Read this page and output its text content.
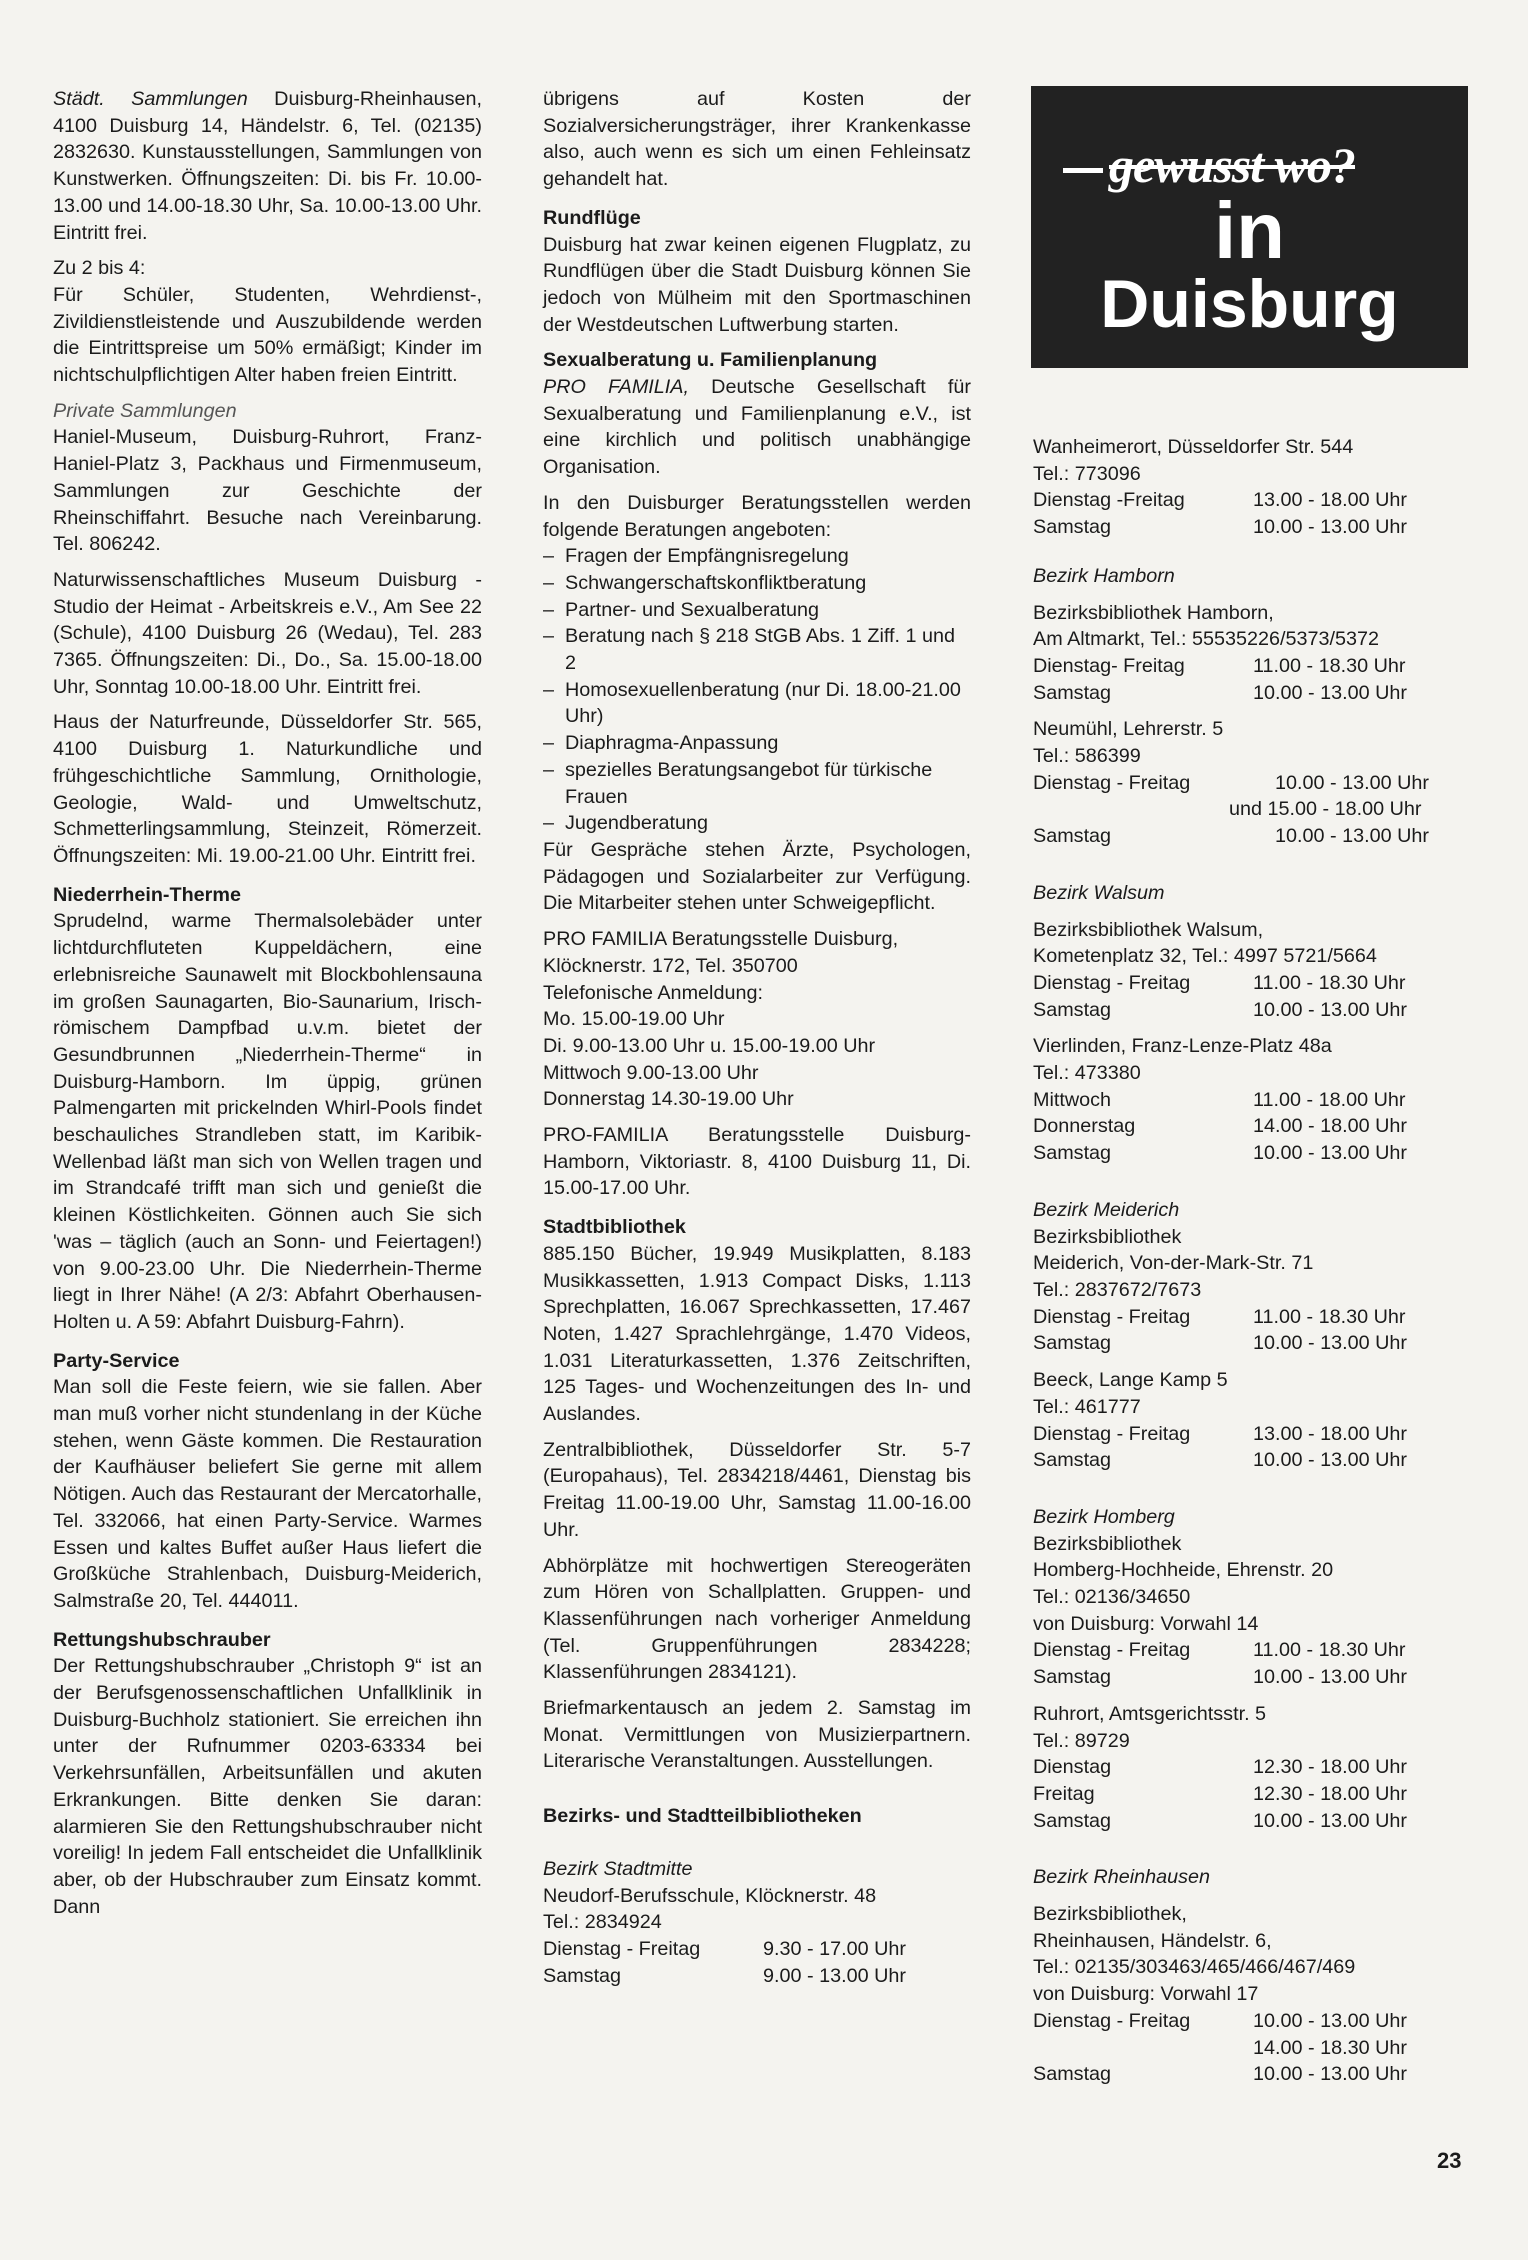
Städt. Sammlungen Duisburg-Rheinhausen, 4100 Duisburg 14, Händelstr. 6, Tel. (02135) 2832630. Kunstausstellungen, Sammlungen von Kunstwerken. Öffnungszeiten: Di. bis Fr. 10.00-13.00 und 14.00-18.30 Uhr, Sa. 10.00-13.00 Uhr. Eintritt frei.

Zu 2 bis 4:
Für Schüler, Studenten, Wehrdienst-, Zivildienstleistende und Auszubildende werden die Eintrittspreise um 50% ermäßigt; Kinder im nichtschulpflichtigen Alter haben freien Eintritt.

Private Sammlungen
Haniel-Museum, Duisburg-Ruhrort, Franz-Haniel-Platz 3, Packhaus und Firmenmuseum, Sammlungen zur Geschichte der Rheinschiffahrt. Besuche nach Vereinbarung. Tel. 806242.

Naturwissenschaftliches Museum Duisburg - Studio der Heimat - Arbeitskreis e.V., Am See 22 (Schule), 4100 Duisburg 26 (Wedau), Tel. 283 7365. Öffnungszeiten: Di., Do., Sa. 15.00-18.00 Uhr, Sonntag 10.00-18.00 Uhr. Eintritt frei.

Haus der Naturfreunde, Düsseldorfer Str. 565, 4100 Duisburg 1. Naturkundliche und frühgeschichtliche Sammlung, Ornithologie, Geologie, Wald- und Umweltschutz, Schmetterlingsammlung, Steinzeit, Römerzeit. Öffnungszeiten: Mi. 19.00-21.00 Uhr. Eintritt frei.

Niederrhein-Therme

Sprudelnd, warme Thermalsolebäder unter lichtdurchfluteten Kuppeldächern, eine erlebnisreiche Saunawelt mit Blockbohlensauna im großen Saunagarten, Bio-Saunarium, Irisch-römischem Dampfbad u.v.m. bietet der Gesundbrunnen „Niederrhein-Therme“ in Duisburg-Hamborn. Im üppig, grünen Palmengarten mit prickelnden Whirl-Pools findet beschauliches Strandleben statt, im Karibik-Wellenbad läßt man sich von Wellen tragen und im Strandcafé trifft man sich und genießt die kleinen Köstlichkeiten. Gönnen auch Sie sich 'was – täglich (auch an Sonn- und Feiertagen!) von 9.00-23.00 Uhr. Die Niederrhein-Therme liegt in Ihrer Nähe! (A 2/3: Abfahrt Oberhausen-Holten u. A 59: Abfahrt Duisburg-Fahrn).

Party-Service

Man soll die Feste feiern, wie sie fallen. Aber man muß vorher nicht stundenlang in der Küche stehen, wenn Gäste kommen. Die Restauration der Kaufhäuser beliefert Sie gerne mit allem Nötigen. Auch das Restaurant der Mercatorhalle, Tel. 332066, hat einen Party-Service. Warmes Essen und kaltes Buffet außer Haus liefert die Großküche Strahlenbach, Duisburg-Meiderich, Salmstraße 20, Tel. 444011.

Rettungshubschrauber

Der Rettungshubschrauber „Christoph 9“ ist an der Berufsgenossenschaftlichen Unfallklinik in Duisburg-Buchholz stationiert. Sie erreichen ihn unter der Rufnummer 0203-63334 bei Verkehrsunfällen, Arbeitsunfällen und akuten Erkrankungen. Bitte denken Sie daran: alarmieren Sie den Rettungshubschrauber nicht voreilig! In jedem Fall entscheidet die Unfallklinik aber, ob der Hubschrauber zum Einsatz kommt. Dann

übrigens auf Kosten der Sozialversicherungsträger, ihrer Krankenkasse also, auch wenn es sich um einen Fehleinsatz gehandelt hat.

Rundflüge

Duisburg hat zwar keinen eigenen Flugplatz, zu Rundflügen über die Stadt Duisburg können Sie jedoch von Mülheim mit den Sportmaschinen der Westdeutschen Luftwerbung starten.

Sexualberatung u. Familienplanung

PRO FAMILIA, Deutsche Gesellschaft für Sexualberatung und Familienplanung e.V., ist eine kirchlich und politisch unabhängige Organisation.

In den Duisburger Beratungsstellen werden folgende Beratungen angeboten:

– Fragen der Empfängnisregelung
– Schwangerschaftskonfliktberatung
– Partner- und Sexualberatung
– Beratung nach § 218 StGB Abs. 1 Ziff. 1 und 2
– Homosexuellenberatung (nur Di. 18.00-21.00 Uhr)
– Diaphragma-Anpassung
– spezielles Beratungsangebot für türkische Frauen
– Jugendberatung

Für Gespräche stehen Ärzte, Psychologen, Pädagogen und Sozialarbeiter zur Verfügung. Die Mitarbeiter stehen unter Schweigepflicht.

PRO FAMILIA Beratungsstelle Duisburg,
Klöcknerstr. 172, Tel. 350700
Telefonische Anmeldung:
Mo. 15.00-19.00 Uhr
Di. 9.00-13.00 Uhr u. 15.00-19.00 Uhr
Mittwoch 9.00-13.00 Uhr
Donnerstag 14.30-19.00 Uhr

PRO-FAMILIA Beratungsstelle Duisburg-Hamborn, Viktoriastr. 8, 4100 Duisburg 11, Di. 15.00-17.00 Uhr.

Stadtbibliothek

885.150 Bücher, 19.949 Musikplatten, 8.183 Musikkassetten, 1.913 Compact Disks, 1.113 Sprechplatten, 16.067 Sprechkassetten, 17.467 Noten, 1.427 Sprachlehrgänge, 1.470 Videos, 1.031 Literaturkassetten, 1.376 Zeitschriften, 125 Tages- und Wochenzeitungen des In- und Auslandes.

Zentralbibliothek, Düsseldorfer Str. 5-7 (Europahaus), Tel. 2834218/4461, Dienstag bis Freitag 11.00-19.00 Uhr, Samstag 11.00-16.00 Uhr.

Abhörplätze mit hochwertigen Stereogeräten zum Hören von Schallplatten. Gruppen- und Klassenführungen nach vorheriger Anmeldung (Tel. Gruppenführungen 2834228; Klassenführungen 2834121).

Briefmarkentausch an jedem 2. Samstag im Monat. Vermittlungen von Musizierpartnern. Literarische Veranstaltungen. Ausstellungen.

Bezirks- und Stadtteilbibliotheken
Bezirk Stadtmitte
Neudorf-Berufsschule, Klöcknerstr. 48
Tel.: 2834924
Dienstag - Freitag	9.30 - 17.00 Uhr
Samstag	9.00 - 13.00 Uhr
gewusst wo?
in
Duisburg
Wanheimerort, Düsseldorfer Str. 544
Tel.: 773096
Dienstag -Freitag	13.00 - 18.00 Uhr
Samstag	10.00 - 13.00 Uhr
Bezirk Hamborn
Bezirksbibliothek Hamborn,
Am Altmarkt, Tel.: 55535226/5373/5372
Dienstag- Freitag	11.00 - 18.30 Uhr
Samstag	10.00 - 13.00 Uhr
Neumühl, Lehrerstr. 5
Tel.: 586399
Dienstag - Freitag	10.00 - 13.00 Uhr
und 15.00 - 18.00 Uhr
Samstag	10.00 - 13.00 Uhr
Bezirk Walsum
Bezirksbibliothek Walsum,
Kometenplatz 32, Tel.: 4997 5721/5664
Dienstag - Freitag	11.00 - 18.30 Uhr
Samstag	10.00 - 13.00 Uhr
Vierlinden, Franz-Lenze-Platz 48a
Tel.: 473380
Mittwoch	11.00 - 18.00 Uhr
Donnerstag	14.00 - 18.00 Uhr
Samstag	10.00 - 13.00 Uhr
Bezirk Meiderich
Bezirksbibliothek
Meiderich, Von-der-Mark-Str. 71
Tel.: 2837672/7673
Dienstag - Freitag	11.00 - 18.30 Uhr
Samstag	10.00 - 13.00 Uhr
Beeck, Lange Kamp 5
Tel.: 461777
Dienstag - Freitag	13.00 - 18.00 Uhr
Samstag	10.00 - 13.00 Uhr
Bezirk Homberg
Bezirksbibliothek
Homberg-Hochheide, Ehrenstr. 20
Tel.: 02136/34650
von Duisburg: Vorwahl 14
Dienstag - Freitag	11.00 - 18.30 Uhr
Samstag	10.00 - 13.00 Uhr
Ruhrort, Amtsgerichtsstr. 5
Tel.: 89729
Dienstag	12.30 - 18.00 Uhr
Freitag	12.30 - 18.00 Uhr
Samstag	10.00 - 13.00 Uhr
Bezirk Rheinhausen
Bezirksbibliothek,
Rheinhausen, Händelstr. 6,
Tel.: 02135/303463/465/466/467/469
von Duisburg: Vorwahl 17
Dienstag - Freitag	10.00 - 13.00 Uhr
14.00 - 18.30 Uhr
Samstag	10.00 - 13.00 Uhr
23
